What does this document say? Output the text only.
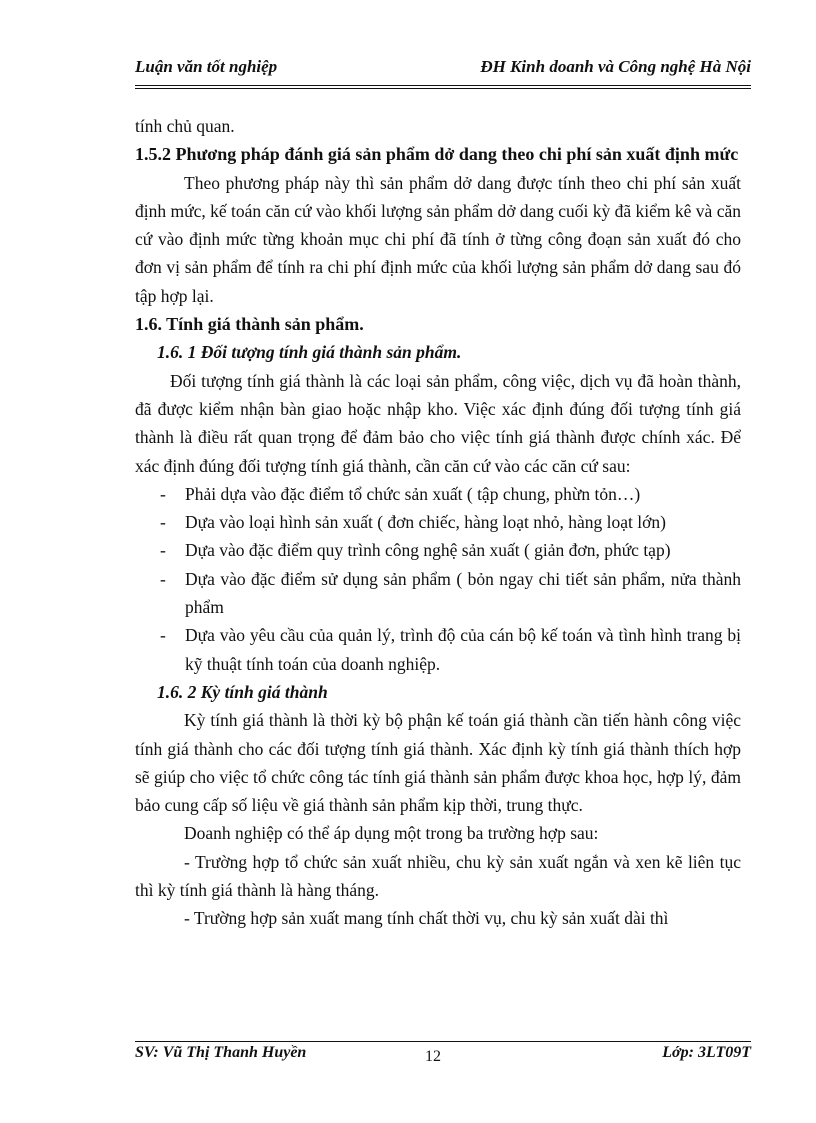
Luận văn tốt nghiệp	ĐH Kinh doanh và Công nghệ Hà Nội

tính chủ quan.

1.5.2 Phương pháp đánh giá sản phẩm dở dang theo chi phí sản xuất định mức

Theo phương pháp này thì sản phẩm dở dang được tính theo chi phí sản xuất định mức, kế toán căn cứ vào khối lượng sản phẩm dở dang cuối kỳ đã kiểm kê và căn cứ vào định mức từng khoản mục chi phí đã tính ở từng công đoạn sản xuất đó cho đơn vị sản phẩm để tính ra chi phí định mức của khối lượng sản phẩm dở dang sau đó tập hợp lại.

1.6. Tính giá thành sản phẩm.

1.6. 1 Đối tượng tính giá thành sản phẩm.

Đối tượng tính giá thành là các loại sản phẩm, công việc, dịch vụ đã hoàn thành, đã được kiểm nhận bàn giao hoặc nhập kho. Việc xác định đúng đối tượng tính giá thành là điều rất quan trọng để đảm bảo cho việc tính giá thành được chính xác. Để xác định đúng đối tượng tính giá thành, cần căn cứ vào các căn cứ sau:

- Phải dựa vào đặc điểm tổ chức sản xuất ( tập chung, phừn tỏn…)
- Dựa vào loại hình sản xuất ( đơn chiếc, hàng loạt nhỏ, hàng loạt lớn)
- Dựa vào đặc điểm quy trình công nghệ sản xuất ( giản đơn, phức tạp)
- Dựa vào đặc điểm sử dụng sản phẩm ( bỏn ngay chi tiết sản phẩm, nửa thành phẩm
- Dựa vào yêu cầu của quản lý, trình độ của cán bộ kế toán và tình hình trang bị kỹ thuật tính toán của doanh nghiệp.

1.6. 2 Kỳ tính giá thành

Kỳ tính giá thành là thời kỳ bộ phận kế toán giá thành cần tiến hành công việc tính giá thành cho các đối tượng tính giá thành. Xác định kỳ tính giá thành thích hợp sẽ giúp cho việc tổ chức công tác tính giá thành sản phẩm được khoa học, hợp lý, đảm bảo cung cấp số liệu về giá thành sản phẩm kịp thời, trung thực.

Doanh nghiệp có thể áp dụng một trong ba trường hợp sau:

- Trường hợp tổ chức sản xuất nhiều, chu kỳ sản xuất ngắn và xen kẽ liên tục thì kỳ tính giá thành là hàng tháng.

- Trường hợp sản xuất mang tính chất thời vụ, chu kỳ sản xuất dài thì

SV: Vũ Thị Thanh Huyền	12	Lớp: 3LT09T
